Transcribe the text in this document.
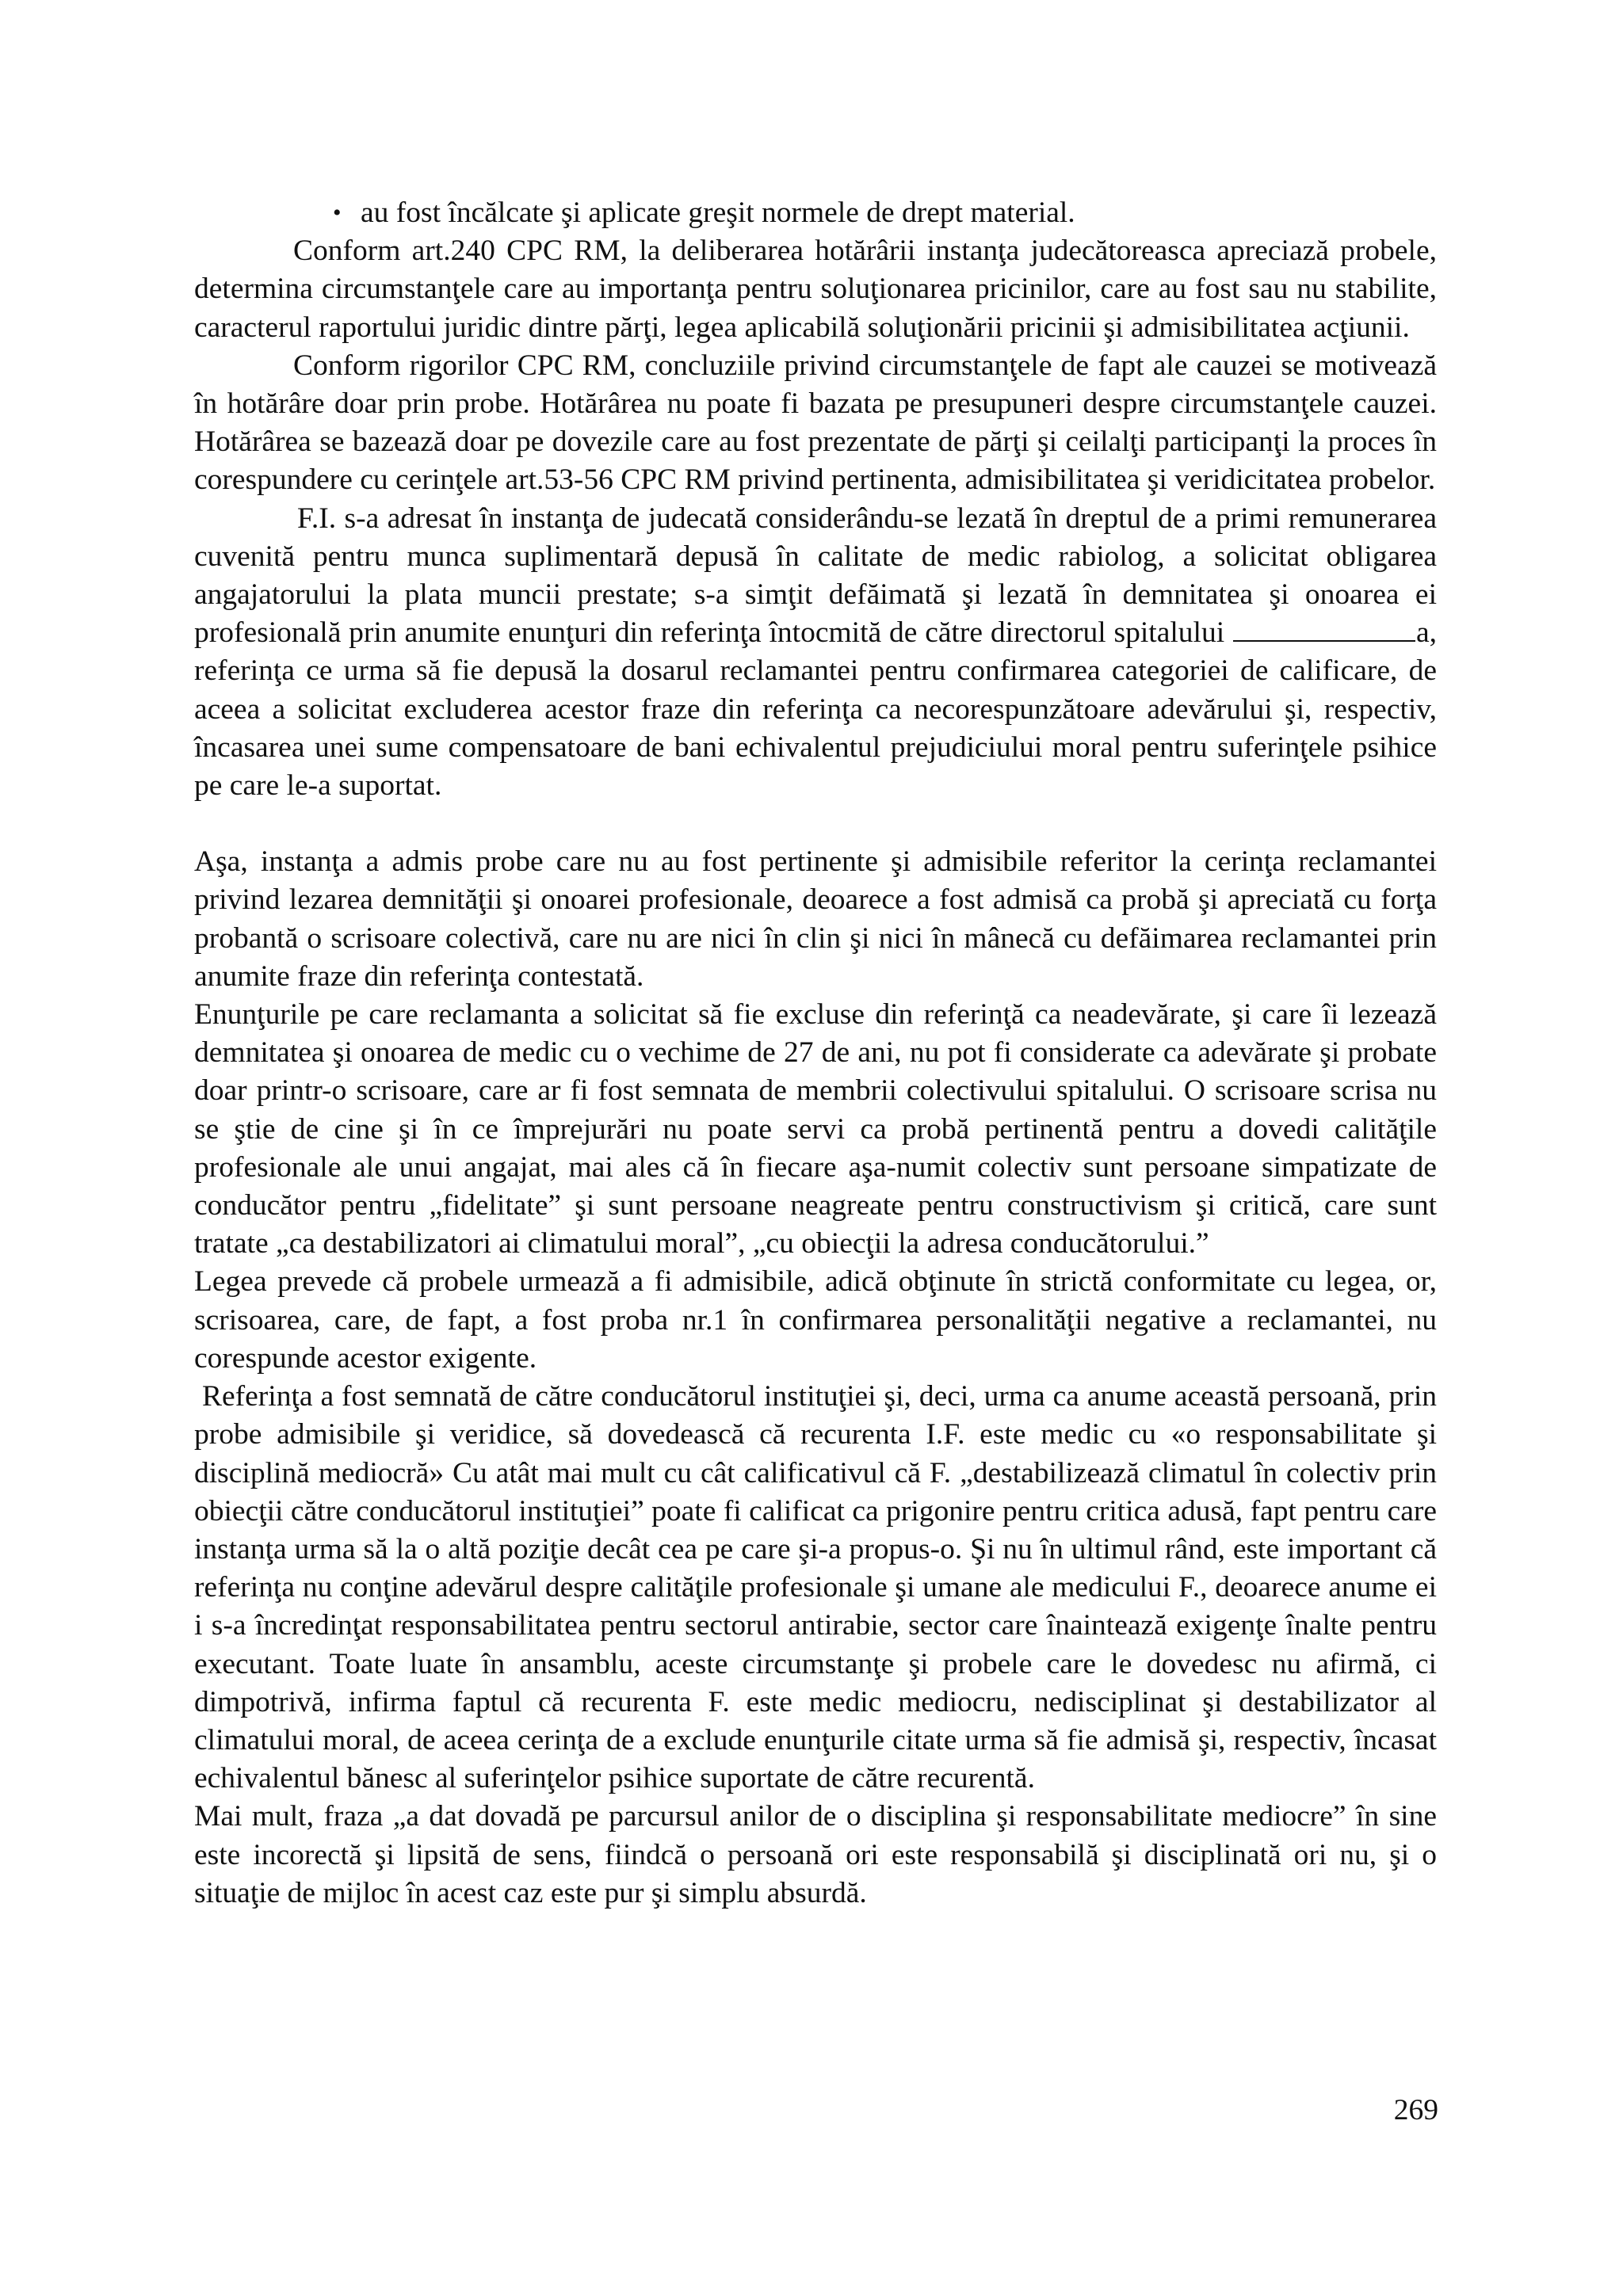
• au fost încălcate şi aplicate greşit normele de drept material.

Conform art.240 CPC RM, la deliberarea hotărârii instanţa judecătoreasca apreciază probele, determina circumstanţele care au importanţa pentru soluţionarea pricinilor, care au fost sau nu stabilite, caracterul raportului juridic dintre părţi, legea aplicabilă soluţionării pricinii şi admisibilitatea acţiunii.

Conform rigorilor CPC RM, concluziile privind circumstanţele de fapt ale cauzei se motivează în hotărâre doar prin probe. Hotărârea nu poate fi bazata pe presupuneri despre circumstanţele cauzei. Hotărârea se bazează doar pe dovezile care au fost prezentate de părţi şi ceilalţi participanţi la proces în corespundere cu cerinţele art.53-56 CPC RM privind pertinenta, admisibilitatea şi veridicitatea probelor.

F.I. s-a adresat în instanţa de judecată considerându-se lezată în dreptul de a primi remunerarea cuvenită pentru munca suplimentară depusă în calitate de medic rabiolog, a solicitat obligarea angajatorului la plata muncii prestate; s-a simţit defăimată şi lezată în demnitatea şi onoarea ei profesională prin anumite enunţuri din referinţa întocmită de către directorul spitalului	a, referinţa ce urma să fie depusă la dosarul reclamantei pentru confirmarea categoriei de calificare, de aceea a solicitat excluderea acestor fraze din referinţa ca necorespunzătoare adevărului şi, respectiv, încasarea unei sume compensatoare de bani echivalentul prejudiciului moral pentru suferinţele psihice pe care le-a suportat.

Aşa, instanţa a admis probe care nu au fost pertinente şi admisibile referitor la cerinţa reclamantei privind lezarea demnităţii şi onoarei profesionale, deoarece a fost admisă ca probă şi apreciată cu forţa probantă o scrisoare colectivă, care nu are nici în clin şi nici în mânecă cu defăimarea reclamantei prin anumite fraze din referinţa contestată.

Enunţurile pe care reclamanta a solicitat să fie excluse din referinţă ca neadevărate, şi care îi lezează demnitatea şi onoarea de medic cu o vechime de 27 de ani, nu pot fi considerate ca adevărate şi probate doar printr-o scrisoare, care ar fi fost semnata de membrii colectivului spitalului. O scrisoare scrisa nu se ştie de cine şi în ce împrejurări nu poate servi ca probă pertinentă pentru a dovedi calităţile profesionale ale unui angajat, mai ales că în fiecare aşa-numit colectiv sunt persoane simpatizate de conducător pentru „fidelitate” şi sunt persoane neagreate pentru constructivism şi critică, care sunt tratate „ca destabilizatori ai climatului moral”, „cu obiecţii la adresa conducătorului.”

Legea prevede că probele urmează a fi admisibile, adică obţinute în strictă conformitate cu legea, or, scrisoarea, care, de fapt, a fost proba nr.1 în confirmarea personalităţii negative a reclamantei, nu corespunde acestor exigente.

Referinţa a fost semnată de către conducătorul instituţiei şi, deci, urma ca anume această persoană, prin probe admisibile şi veridice, să dovedească că recurenta I.F. este medic cu «o responsabilitate şi disciplină mediocră» Cu atât mai mult cu cât calificativul că F. „destabilizează climatul în colectiv prin obiecţii către conducătorul instituţiei” poate fi calificat ca prigonire pentru critica adusă, fapt pentru care instanţa urma să la o altă poziţie decât cea pe care şi-a propus-o. Şi nu în ultimul rând, este important că referinţa nu conţine adevărul despre calităţile profesionale şi umane ale medicului F., deoarece anume ei i s-a încredinţat responsabilitatea pentru sectorul antirabie, sector care înaintează exigenţe înalte pentru executant. Toate luate în ansamblu, aceste circumstanţe şi probele care le dovedesc nu afirmă, ci dimpotrivă, infirma faptul că recurenta F. este medic mediocru, nedisciplinat şi destabilizator al climatului moral, de aceea cerinţa de a exclude enunţurile citate urma să fie admisă şi, respectiv, încasat echivalentul bănesc al suferinţelor psihice suportate de către recurentă.

Mai mult, fraza „a dat dovadă pe parcursul anilor de o disciplina şi responsabilitate mediocre” în sine este incorectă şi lipsită de sens, fiindcă o persoană ori este responsabilă şi disciplinată ori nu, şi o situaţie de mijloc în acest caz este pur şi simplu absurdă.

269
